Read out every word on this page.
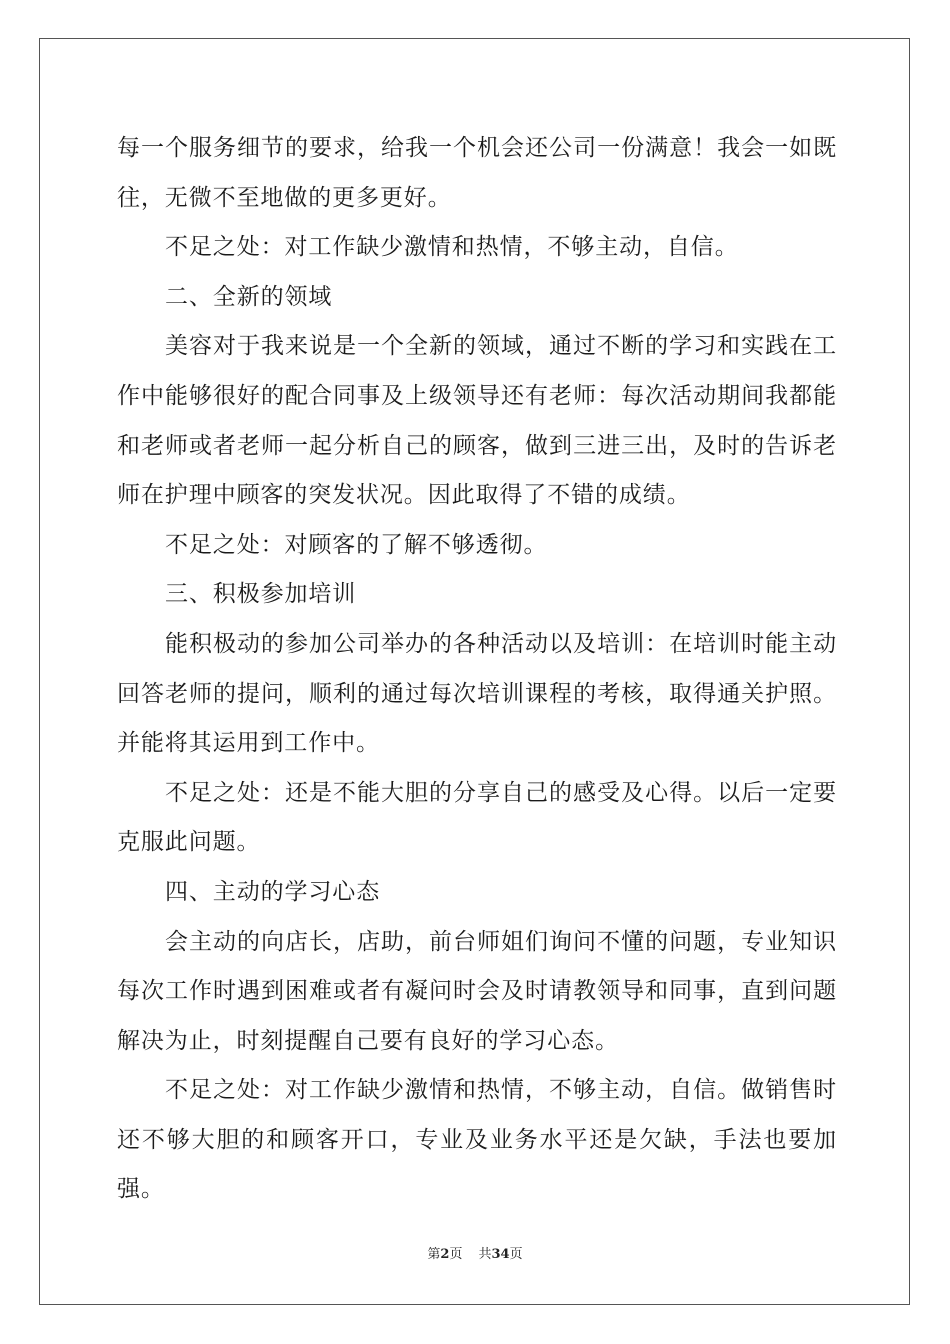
每一个服务细节的要求，给我一个机会还公司一份满意！我会一如既往，无微不至地做的更多更好。

不足之处：对工作缺少激情和热情，不够主动，自信。

二、全新的领域

美容对于我来说是一个全新的领域，通过不断的学习和实践在工作中能够很好的配合同事及上级领导还有老师：每次活动期间我都能和老师或者老师一起分析自己的顾客，做到三进三出，及时的告诉老师在护理中顾客的突发状况。因此取得了不错的成绩。

不足之处：对顾客的了解不够透彻。

三、积极参加培训

能积极动的参加公司举办的各种活动以及培训：在培训时能主动回答老师的提问，顺利的通过每次培训课程的考核，取得通关护照。并能将其运用到工作中。

不足之处：还是不能大胆的分享自己的感受及心得。以后一定要克服此问题。

四、主动的学习心态

会主动的向店长，店助，前台师姐们询问不懂的问题，专业知识每次工作时遇到困难或者有凝问时会及时请教领导和同事，直到问题解决为止，时刻提醒自己要有良好的学习心态。

不足之处：对工作缺少激情和热情，不够主动，自信。做销售时还不够大胆的和顾客开口，专业及业务水平还是欠缺，手法也要加强。

第2页 共34页
